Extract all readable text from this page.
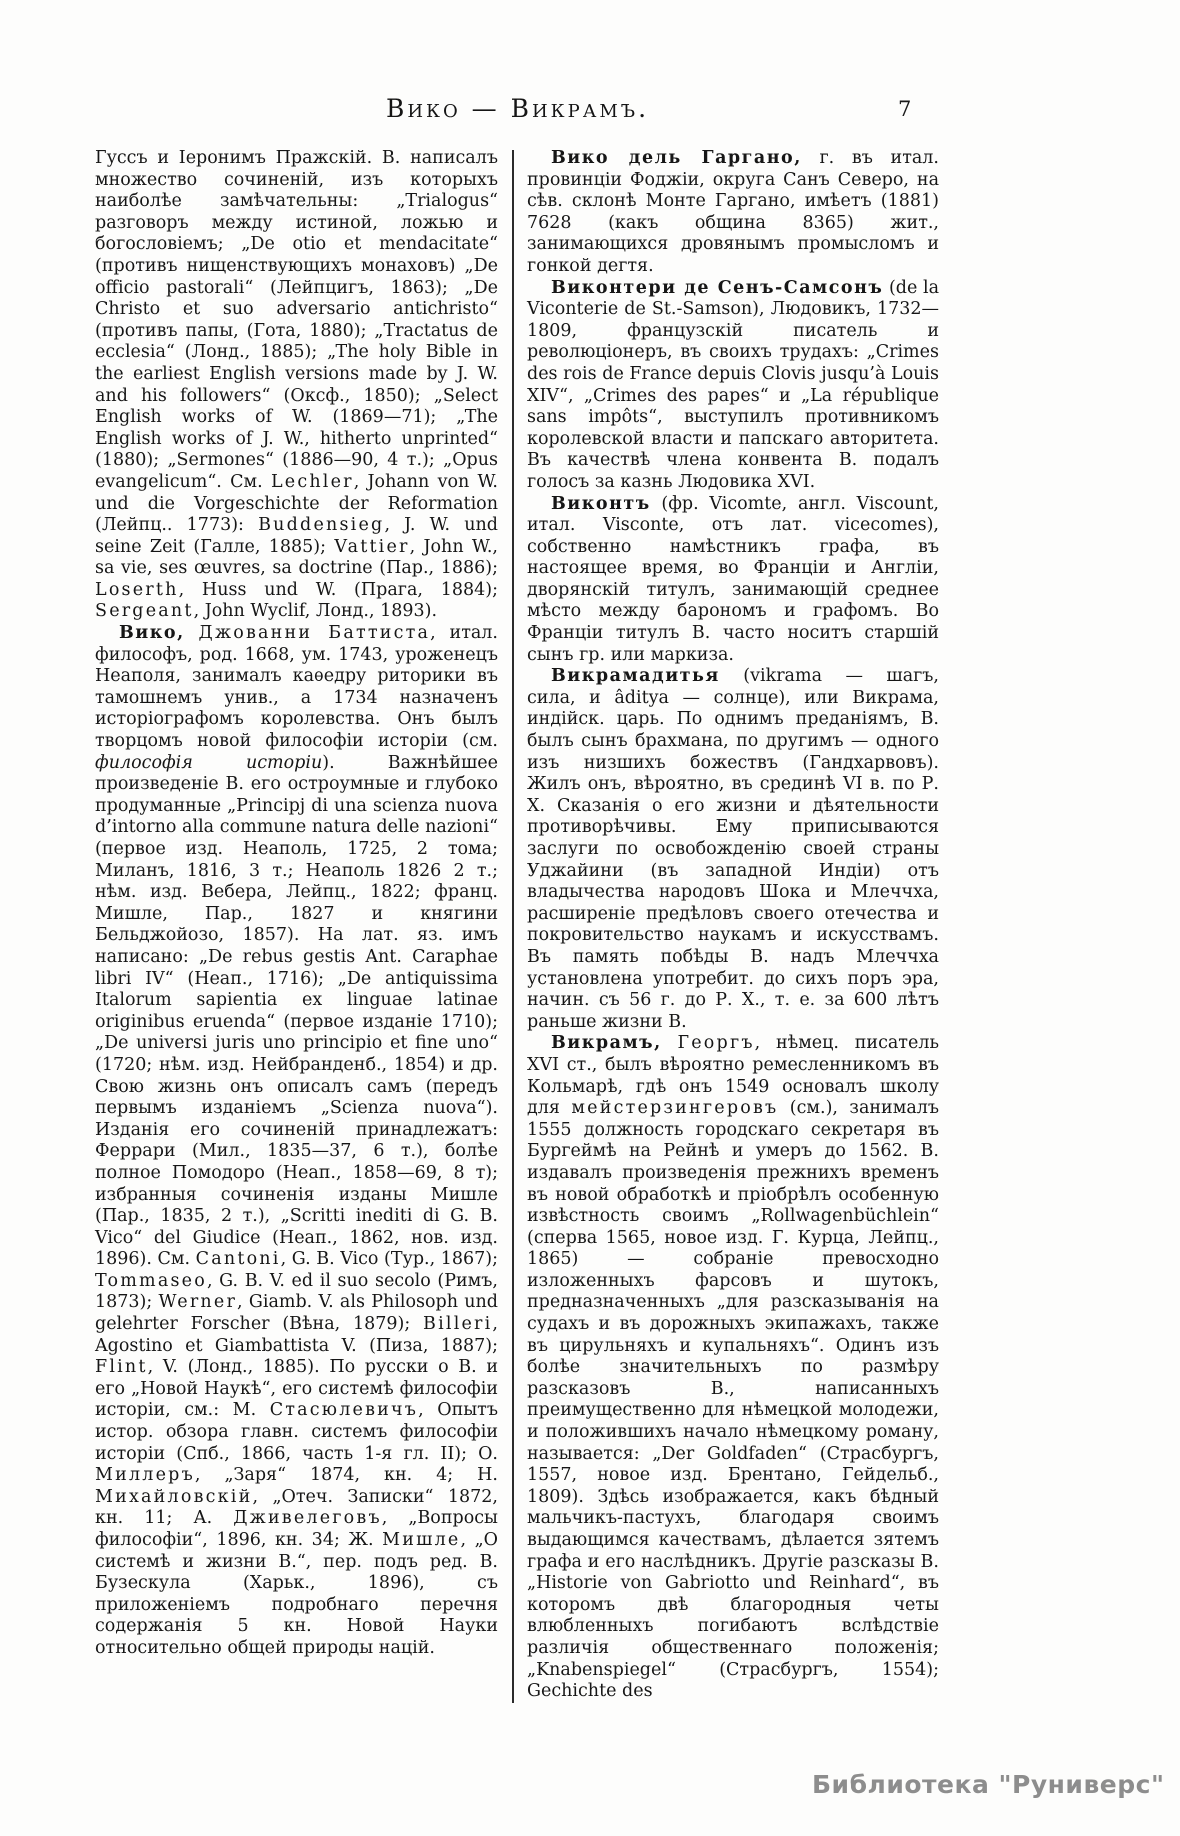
Вико — Викрамъ.	7

Гуссъ и Іеронимъ Пражскій. В. написалъ множество сочиненій, изъ которыхъ наиболѣе замѣчательны: „Trialogus“ разговоръ между истиной, ложью и богословіемъ; „De otio et mendacitate“ (противъ нищенствующихъ монаховъ) „De officio pastorali“ (Лейпцигъ, 1863); „De Christo et suo adversario antichristo“ (противъ папы, (Гота, 1880); „Tractatus de ecclesia“ (Лонд., 1885); „The holy Bible in the earliest English versions made by J. W. and his followers“ (Оксф., 1850); „Select English works of W. (1869—71); „The English works of J. W., hitherto unprinted“ (1880); „Sermones“ (1886—90, 4 т.); „Opus evangelicum“. См. Lechler, Johann von W. und die Vorgeschichte der Reformation (Лейпц.. 1773): Buddensieg, J. W. und seine Zeit (Галле, 1885); Vattier, John W., sa vie, ses œuvres, sa doctrine (Пар., 1886); Loserth, Huss und W. (Прага, 1884); Sergeant, John Wyclif, Лонд., 1893).

Вико, Джованни Баттиста, итал. философъ, род. 1668, ум. 1743, уроженецъ Неаполя, занималъ каѳедру риторики въ тамошнемъ унив., а 1734 назначенъ исторіографомъ королевства. Онъ былъ творцомъ новой философіи исторіи (см. философія исторіи). Важнѣйшее произведеніе В. его остроумные и глубоко продуманные „Principj di una scienza nuova d’intorno alla commune natura delle nazioni“ (первое изд. Неаполь, 1725, 2 тома; Миланъ, 1816, 3 т.; Неаполь 1826 2 т.; нѣм. изд. Вебера, Лейпц., 1822; франц. Мишле, Пар., 1827 и княгини Бельджойозо, 1857). На лат. яз. имъ написано: „De rebus gestis Ant. Caraphae libri IV“ (Неап., 1716); „De antiquissima Italorum sapientia ex linguae latinae originibus eruenda“ (первое изданіе 1710); „De universi juris uno principio et fine uno“ (1720; нѣм. изд. Нейбранденб., 1854) и др. Свою жизнь онъ описалъ самъ (передъ первымъ изданіемъ „Scienza nuova“). Изданія его сочиненій принадлежатъ: Феррари (Мил., 1835—37, 6 т.), болѣе полное Помодоро (Неап., 1858—69, 8 т); избранныя сочиненія изданы Мишле (Пар., 1835, 2 т.), „Scritti inediti di G. B. Vico“ del Giudice (Неап., 1862, нов. изд. 1896). См. Cantoni, G. B. Vico (Тур., 1867); Tommaseo, G. B. V. ed il suo secolo (Римъ, 1873); Werner, Giamb. V. als Philosoph und gelehrter Forscher (Вѣна, 1879); Billeri, Agostino et Giambattista V. (Пиза, 1887); Flint, V. (Лонд., 1885). По русски о В. и его „Новой Наукѣ“, его системѣ философіи исторіи, см.: М. Стасюлевичъ, Опытъ истор. обзора главн. системъ философіи исторіи (Спб., 1866, часть 1-я гл. II); О. Миллеръ, „Заря“ 1874, кн. 4; Н. Михайловскій, „Отеч. Записки“ 1872, кн. 11; А. Дживелеговъ, „Вопросы философіи“, 1896, кн. 34; Ж. Мишле, „О системѣ и жизни В.“, пер. подъ ред. В. Бузескула (Харьк., 1896), съ приложеніемъ подробнаго перечня содержанія 5 кн. Новой Науки относительно общей природы націй.

Вико дель Гаргано, г. въ итал. провинціи Фоджіи, округа Санъ Северо, на сѣв. склонѣ Монте Гаргано, имѣетъ (1881) 7628 (какъ община 8365) жит., занимающихся дровянымъ промысломъ и гонкой дегтя.

Виконтери де Сенъ-Самсонъ (de la Viconterie de St.-Samson), Людовикъ, 1732—1809, французскій писатель и революціонеръ, въ своихъ трудахъ: „Crimes des rois de France depuis Clovis jusqu’à Louis XIV“, „Crimes des papes“ и „La république sans impôts“, выступилъ противникомъ королевской власти и папскаго авторитета. Въ качествѣ члена конвента В. подалъ голосъ за казнь Людовика XVI.

Виконтъ (фр. Vicomte, англ. Viscount, итал. Visconte, отъ лат. vicecomes), собственно намѣстникъ графа, въ настоящее время, во Франціи и Англіи, дворянскій титулъ, занимающій среднее мѣсто между барономъ и графомъ. Во Франціи титулъ В. часто носитъ старшій сынъ гр. или маркиза.

Викрамадитья (vikrama — шагъ, сила, и âditya — солнце), или Викрама, индійск. царь. По однимъ преданіямъ, В. былъ сынъ брахмана, по другимъ — одного изъ низшихъ божествъ (Гандхарвовъ). Жилъ онъ, вѣроятно, въ срединѣ VI в. по Р. Х. Сказанія о его жизни и дѣятельности противорѣчивы. Ему приписываются заслуги по освобожденію своей страны Уджайини (въ западной Индіи) отъ владычества народовъ Шока и Млеччха, расширеніе предѣловъ своего отечества и покровительство наукамъ и искусствамъ. Въ память побѣды В. надъ Млеччха установлена употребит. до сихъ поръ эра, начин. съ 56 г. до Р. Х., т. е. за 600 лѣтъ раньше жизни В.

Викрамъ, Георгъ, нѣмец. писатель XVI ст., былъ вѣроятно ремесленникомъ въ Кольмарѣ, гдѣ онъ 1549 основалъ школу для мейстерзингеровъ (см.), занималъ 1555 должность городскаго секретаря въ Бургеймѣ на Рейнѣ и умеръ до 1562. В. издавалъ произведенія прежнихъ временъ въ новой обработкѣ и пріобрѣлъ особенную извѣстность своимъ „Rollwagenbüchlein“ (сперва 1565, новое изд. Г. Курца, Лейпц., 1865) — собраніе превосходно изложенныхъ фарсовъ и шутокъ, предназначенныхъ „для разсказыванія на судахъ и въ дорожныхъ экипажахъ, также въ цирульняхъ и купальняхъ“. Одинъ изъ болѣе значительныхъ по размѣру разсказовъ В., написанныхъ преимущественно для нѣмецкой молодежи, и положившихъ начало нѣмецкому роману, называется: „Der Goldfaden“ (Страсбургъ, 1557, новое изд. Брентано, Гейдельб., 1809). Здѣсь изображается, какъ бѣдный мальчикъ-пастухъ, благодаря своимъ выдающимся качествамъ, дѣлается зятемъ графа и его наслѣдникъ. Другіе разсказы В. „Historie von Gabriotto und Reinhard“, въ которомъ двѣ благородныя четы влюбленныхъ погибаютъ вслѣдствіе различія общественнаго положенія; „Knabenspiegel“ (Страсбургъ, 1554); Gechichte des

Библиотека "Руниверс"
